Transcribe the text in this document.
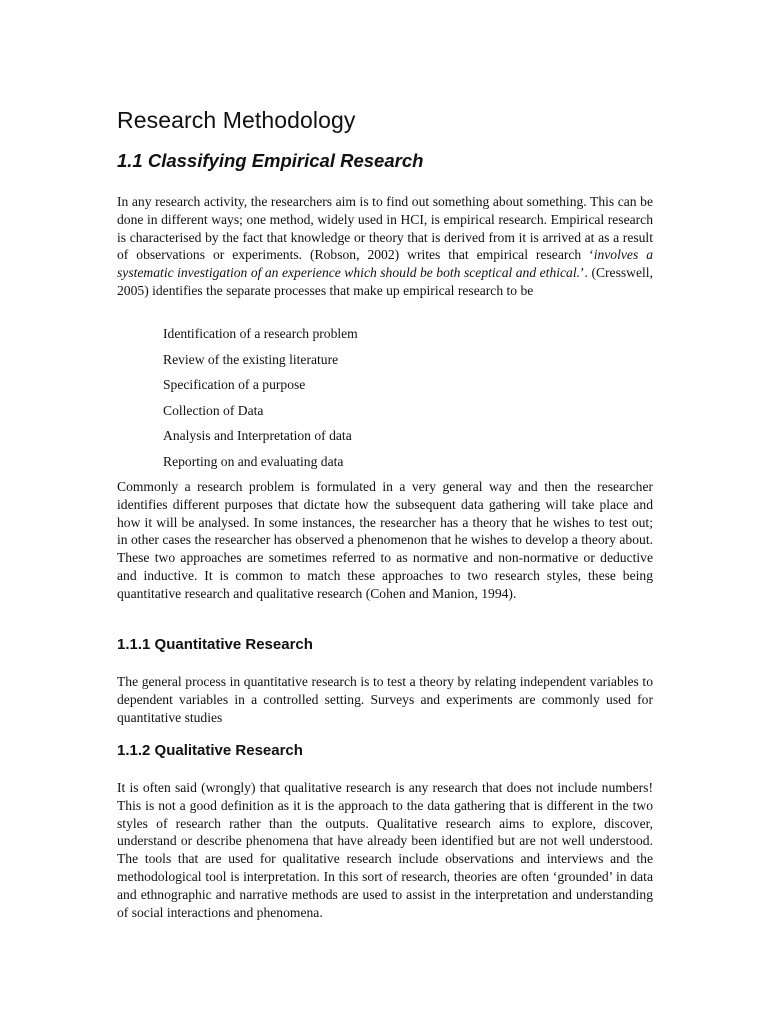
Research Methodology
1.1 Classifying Empirical Research

In any research activity, the researchers aim is to find out something about something. This can be done in different ways; one method, widely used in HCI, is empirical research. Empirical research is characterised by the fact that knowledge or theory that is derived from it is arrived at as a result of observations or experiments. (Robson, 2002) writes that empirical research ‘involves a systematic investigation of an experience which should be both sceptical and ethical.’. (Cresswell, 2005) identifies the separate processes that make up empirical research to be

Identification of a research problem
Review of the existing literature
Specification of a purpose
Collection of Data
Analysis and Interpretation of data
Reporting on and evaluating data

Commonly a research problem is formulated in a very general way and then the researcher identifies different purposes that dictate how the subsequent data gathering will take place and how it will be analysed. In some instances, the researcher has a theory that he wishes to test out; in other cases the researcher has observed a phenomenon that he wishes to develop a theory about. These two approaches are sometimes referred to as normative and non-normative or deductive and inductive. It is common to match these approaches to two research styles, these being quantitative research and qualitative research (Cohen and Manion, 1994).

1.1.1 Quantitative Research

The general process in quantitative research is to test a theory by relating independent variables to dependent variables in a controlled setting. Surveys and experiments are commonly used for quantitative studies

1.1.2 Qualitative Research

It is often said (wrongly) that qualitative research is any research that does not include numbers! This is not a good definition as it is the approach to the data gathering that is different in the two styles of research rather than the outputs. Qualitative research aims to explore, discover, understand or describe phenomena that have already been identified but are not well understood. The tools that are used for qualitative research include observations and interviews and the methodological tool is interpretation. In this sort of research, theories are often ‘grounded’ in data and ethnographic and narrative methods are used to assist in the interpretation and understanding of social interactions and phenomena.
